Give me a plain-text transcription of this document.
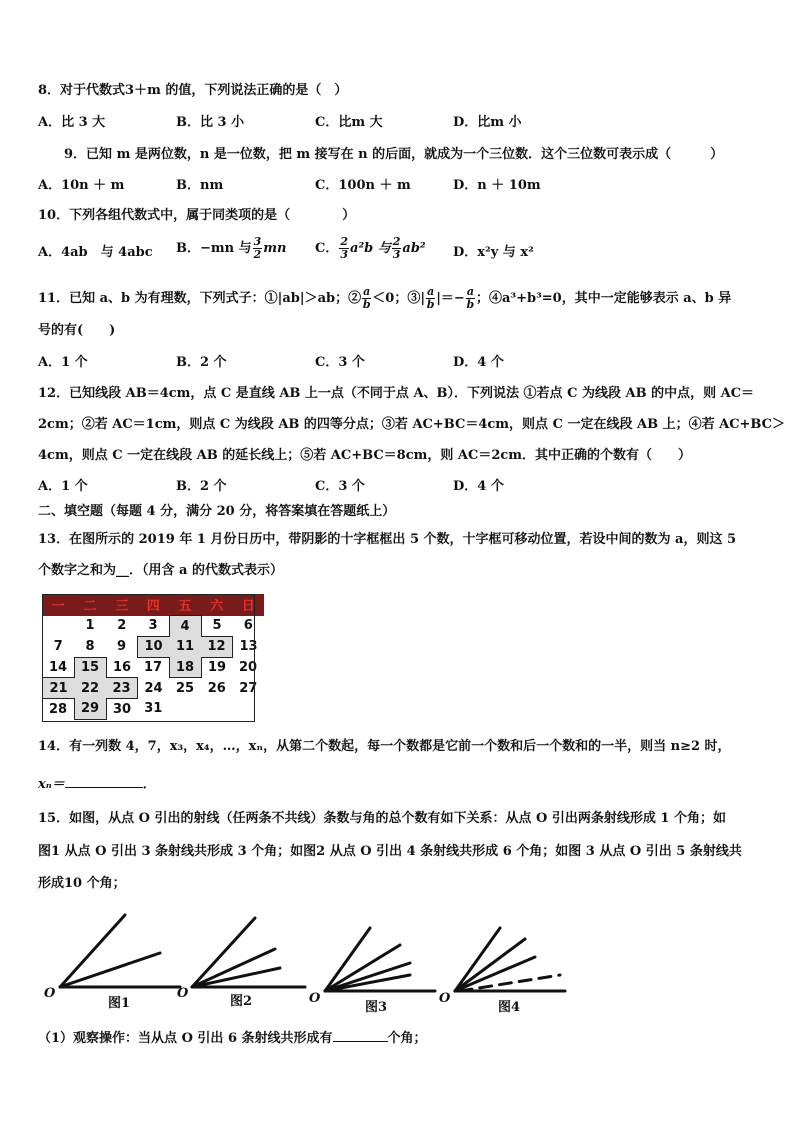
8．对于代数式3＋m 的值，下列说法正确的是（　）
A．比 3 大	B．比 3 小	C．比m 大	D．比m 小
9．已知 m 是两位数，n 是一位数，把 m 接写在 n 的后面，就成为一个三位数．这个三位数可表示成（　　　）
A．10n ＋ m	B．nm	C．100n ＋ m	D．n ＋ 10m
10．下列各组代数式中，属于同类项的是（　　　　）
A．4ab　与 4abc B．−mn 与 $\frac{3}{2}$ mn C． $\frac{2}{3} a^2b$ 与 $\frac{2}{3} ab^2$ D．x²y 与 x²
11．已知 a、b 为有理数，下列式子：①|ab|＞ab；② $\frac{a}{b} <0$；③| $\frac{a}{b}$ |＝− $\frac{a}{b}$ ；④a³+b³=0，其中一定能够表示 a、b 异
号的有(　　)
A．1 个	B．2 个	C．3 个	D．4 个
12．已知线段 AB＝4cm，点 C 是直线 AB 上一点（不同于点 A、B）．下列说法 ①若点 C 为线段 AB 的中点，则 AC＝
2cm；②若 AC＝1cm，则点 C 为线段 AB 的四等分点；③若 AC+BC＝4cm，则点 C 一定在线段 AB 上；④若 AC+BC＞
4cm，则点 C 一定在线段 AB 的延长线上；⑤若 AC+BC＝8cm，则 AC＝2cm．其中正确的个数有（　　）
A．1 个	B．2 个	C．3 个	D．4 个
二、填空题（每题 4 分，满分 20 分，将答案填在答题纸上）
13．在图所示的 2019 年 1 月份日历中，带阴影的十字框框出 5 个数，十字框可移动位置，若设中间的数为 a，则这 5
个数字之和为__．（用含 a 的代数式表示）
一	二	三	四	五	六	日
	1	2	3	4	5	6
7	8	9	10	11	12	13
14	15	16	17	18	19	20
21	22	23	24	25	26	27
28	29	30	31			
14．有一列数 4，7，x₃，x₄，…，xₙ，从第二个数起，每一个数都是它前一个数和后一个数和的一半，则当 n≥2 时，
xₙ＝	．
15．如图，从点 O 引出的射线（任两条不共线）条数与角的总个数有如下关系：从点 O 引出两条射线形成 1 个角；如
图1 从点 O 引出 3 条射线共形成 3 个角；如图2 从点 O 引出 4 条射线共形成 6 个角；如图 3 从点 O 引出 5 条射线共
形成10 个角；
O	O	O	O
图1	图2	图3	图4
（1）观察操作：当从点 O 引出 6 条射线共形成有	个角；
